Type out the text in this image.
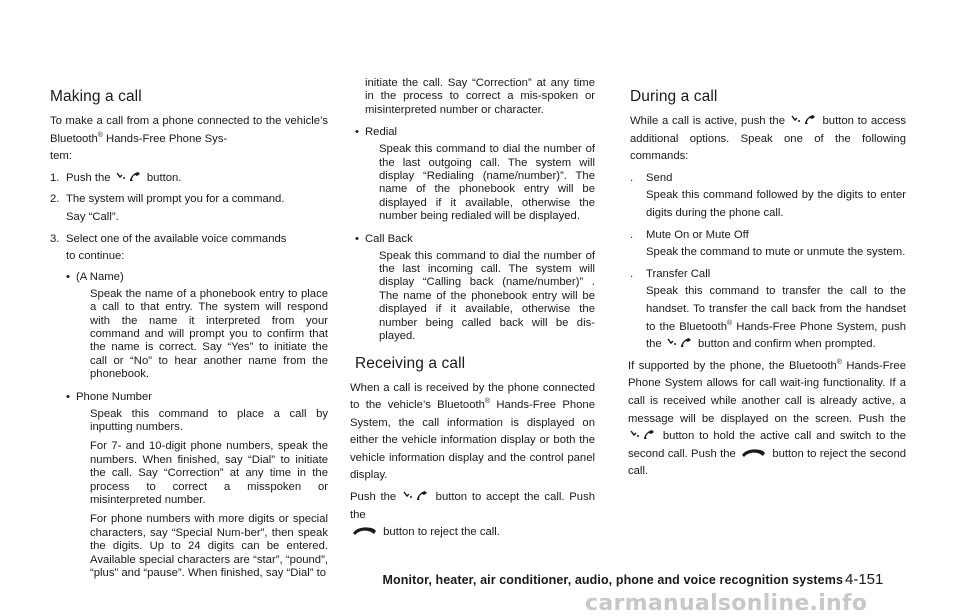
Making a call

To make a call from a phone connected to the vehicle’s Bluetooth® Hands-Free Phone Sys-
tem:

1. Push the	button.
2. The system will prompt you for a command.
Say “Call”.
3. Select one of the available voice commands
to continue:
• (A Name)

Speak the name of a phonebook entry to place a call to that entry. The system will respond with the name it interpreted from your command and will prompt you to confirm that the name is correct. Say “Yes” to initiate the call or “No” to hear another name from the phonebook.

• Phone Number

Speak this command to place a call by inputting numbers.

For 7- and 10-digit phone numbers, speak the numbers. When finished, say “Dial” to initiate the call. Say “Correction” at any time in the process to correct a misspoken or misinterpreted number.

For phone numbers with more digits or special characters, say “Special Num-ber”, then speak the digits. Up to 24 digits can be entered. Available special characters are “star”, “pound”, “plus” and “pause”. When finished, say “Dial” to

initiate the call. Say “Correction” at any time in the process to correct a mis-spoken or misinterpreted number or character.

• Redial

Speak this command to dial the number of the last outgoing call. The system will display “Redialing (name/number)”. The name of the phonebook entry will be displayed if it available, otherwise the number being redialed will be displayed.

• Call Back

Speak this command to dial the number of the last incoming call. The system will display “Calling back (name/number)” . The name of the phonebook entry will be displayed if it available, otherwise the number being called back will be dis-played.

Receiving a call

When a call is received by the phone connected to the vehicle’s Bluetooth® Hands-Free Phone System, the call information is displayed on either the vehicle information display or both the vehicle information display and the control panel display.

Push the	button to accept the call. Push the
button to reject the call.

During a call

While a call is active, push the	button to access additional options. Speak one of the following commands:

.	Send

Speak this command followed by the digits to enter digits during the phone call.

.	Mute On or Mute Off

Speak the command to mute or unmute the system.

.	Transfer Call

Speak this command to transfer the call to the handset. To transfer the call back from the handset to the Bluetooth® Hands-Free Phone System, push the	button and confirm when prompted.

If supported by the phone, the Bluetooth® Hands-Free Phone System allows for call wait-ing functionality. If a call is received while another call is already active, a message will be displayed on the screen. Push the  button to hold the active call and switch to the second call. Push the	button to reject the second call.

Monitor, heater, air conditioner, audio, phone and voice recognition systems 4-151
carmanualsonline.info
